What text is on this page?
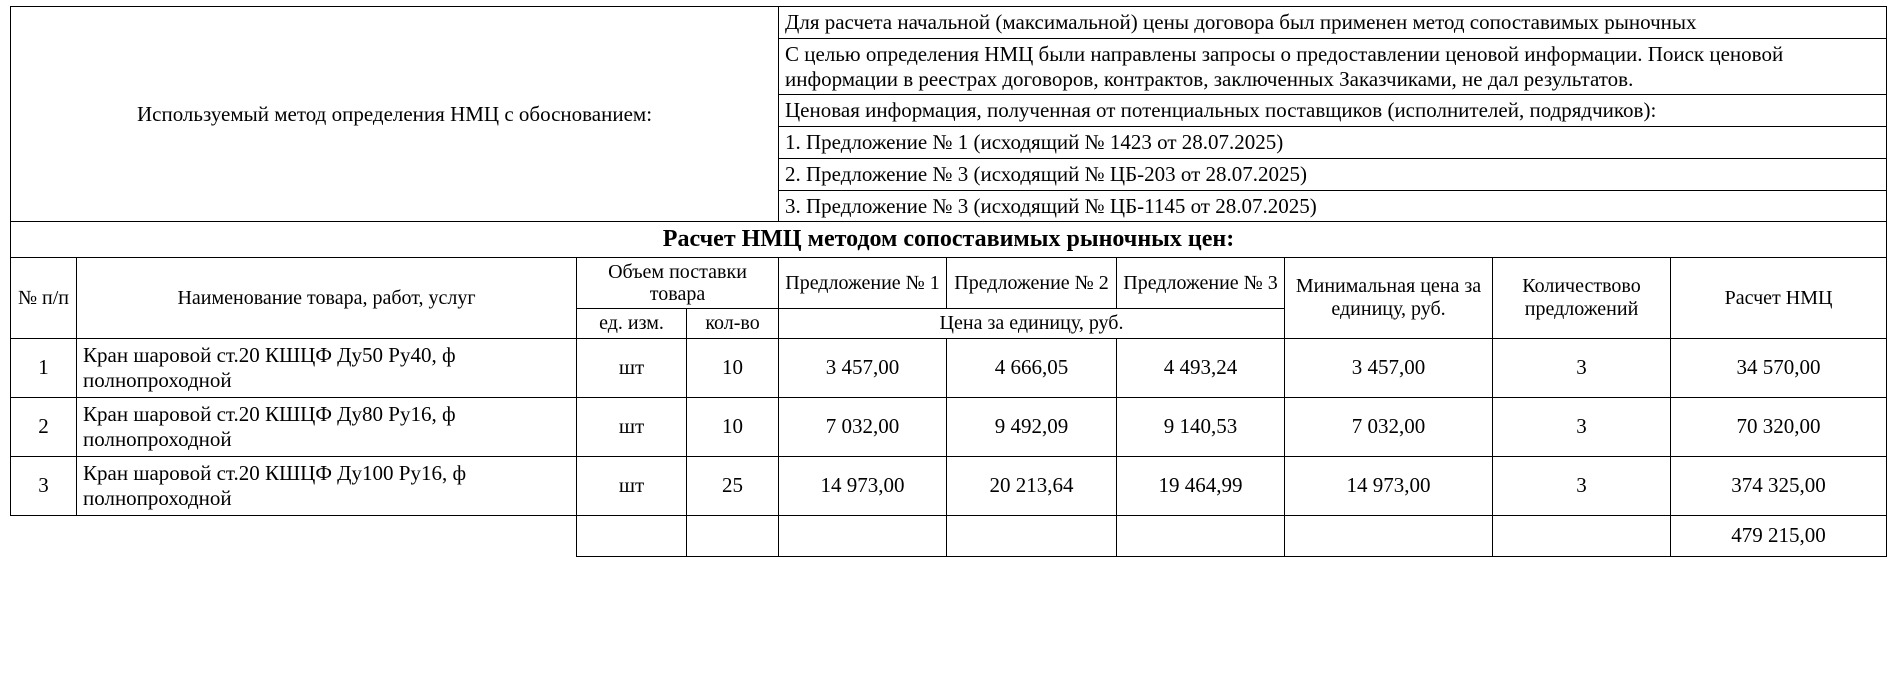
Используемый метод определения НМЦ с обоснованием:				Для расчета начальной (максимальной) цены договора был применен метод сопоставимых рыночных					
				С целью определения НМЦ были направлены запросы о предоставлении ценовой информации. Поиск ценовой информации в реестрах договоров, контрактов, заключенных Заказчиками, не дал результатов.					
				Ценовая информация, полученная от потенциальных поставщиков (исполнителей, подрядчиков):					
				1. Предложение № 1 (исходящий № 1423 от 28.07.2025)					
				2. Предложение № 3 (исходящий № ЦБ-203 от 28.07.2025)					
				3. Предложение № 3 (исходящий № ЦБ-1145 от 28.07.2025)					
Расчет НМЦ методом сопоставимых рыночных цен:									
№ п/п	Наименование товара, работ, услуг	Объем поставки товара		Предложение № 1	Предложение № 2	Предложение № 3	Минимальная цена за единицу, руб.	Количествово предложений	Расчет НМЦ
		ед. изм.	кол-во	Цена за единицу, руб.					
1	Кран шаровой ст.20 КШЦФ Ду50 Ру40, ф полнопроходной	шт	10	3 457,00	4 666,05	4 493,24	3 457,00	3	34 570,00
2	Кран шаровой ст.20 КШЦФ Ду80 Ру16, ф полнопроходной	шт	10	7 032,00	9 492,09	9 140,53	7 032,00	3	70 320,00
3	Кран шаровой ст.20 КШЦФ Ду100 Ру16, ф полнопроходной	шт	25	14 973,00	20 213,64	19 464,99	14 973,00	3	374 325,00
									479 215,00
